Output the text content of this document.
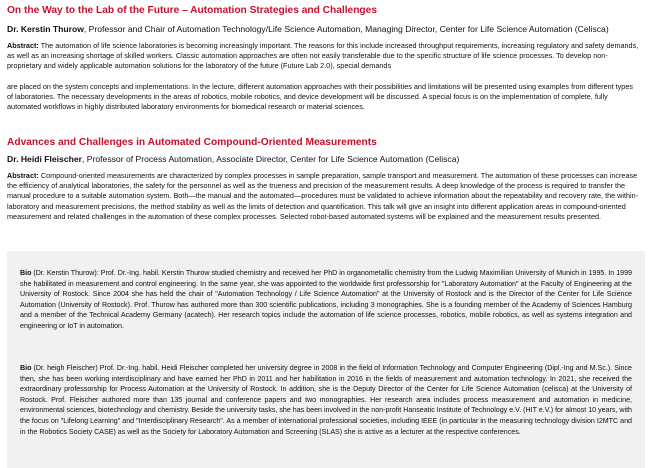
On the Way to the Lab of the Future – Automation Strategies and Challenges
Dr. Kerstin Thurow, Professor and Chair of Automation Technology/Life Science Automation, Managing Director, Center for Life Science Automation (Celisca)
Abstract: The automation of life science laboratories is becoming increasingly important. The reasons for this include increased throughput requirements, increasing regulatory and safety demands, as well as an increasing shortage of skilled workers. Classic automation approaches are often not easily transferable due to the specific structure of life science processes. To develop non-proprietary and widely applicable automation solutions for the laboratory of the future (Future Lab 2.0), special demands
are placed on the system concepts and implementations. In the lecture, different automation approaches with their possibilities and limitations will be presented using examples from different types of laboratories. The necessary developments in the areas of robotics, mobile robotics, and device development will be discussed. A special focus is on the implementation of complete, fully automated workflows in highly distributed laboratory environments for biomedical research or material sciences.
Advances and Challenges in Automated Compound-Oriented Measurements
Dr. Heidi Fleischer, Professor of Process Automation, Associate Director, Center for Life Science Automation (Celisca)
Abstract: Compound-oriented measurements are characterized by complex processes in sample preparation, sample transport and measurement. The automation of these processes can increase the efficiency of analytical laboratories, the safety for the personnel as well as the trueness and precision of the measurement results. A deep knowledge of the process is required to transfer the manual procedure to a suitable automation system. Both—the manual and the automated—procedures must be validated to achieve information about the repeatability and recovery rate, the within-laboratory and measurement precisions, the method stability as well as the limits of detection and quantification. This talk will give an insight into different application areas in compound-oriented measurement and related challenges in the automation of these complex processes. Selected robot-based automated systems will be explained and the measurement results presented.
Bio (Dr. Kerstin Thurow): Prof. Dr.-Ing. habil. Kerstin Thurow studied chemistry and received her PhD in organometallic chemistry from the Ludwig Maximilian University of Munich in 1995. In 1999 she habilitated in measurement and control engineering. In the same year, she was appointed to the worldwide first professorship for "Laboratory Automation" at the Faculty of Engineering at the University of Rostock. Since 2004 she has held the chair of "Automation Technology / Life Science Automation" at the University of Rostock and is the Director of the Center for Life Science Automation (University of Rostock). Prof. Thurow has authored more than 300 scientific publications, including 3 monographies. She is a founding member of the Academy of Sciences Hamburg and a member of the Technical Academy Germany (acatech). Her research topics include the automation of life science processes, robotics, mobile robotics, as well as systems integration and engineering or IoT in automation.
Bio (Dr. heigh Fleischer) Prof. Dr.-Ing. habil. Heidi Fleischer completed her university degree in 2008 in the field of Information Technology and Computer Engineering (Dipl.-Ing and M.Sc.). Since then, she has been working interdisciplinary and have earned her PhD in 2011 and her habilitation in 2016 in the fields of measurement and automation technology. In 2021, she received the extraordinary professorship for Process Automation at the University of Rostock. In addition, she is the Deputy Director of the Center for Life Science Automation (celisca) at the University of Rostock. Prof. Fleischer authored more than 135 journal and conference papers and two monographies. Her research area includes process measurement and automation in medicine, environmental sciences, biotechnology and chemistry. Beside the university tasks, she has been involved in the non-profit Hanseatic Institute of Technology e.V. (HIT e.V.) for almost 10 years, with the focus on "Lifelong Learning" and "Interdisciplinary Research". As a member of international professional societies, including IEEE (in particular in the measuring technology division I2MTC and in the Robotics Society CASE) as well as the Society for Laboratory Automation and Screening (SLAS) she is active as a lecturer at the respective conferences.
